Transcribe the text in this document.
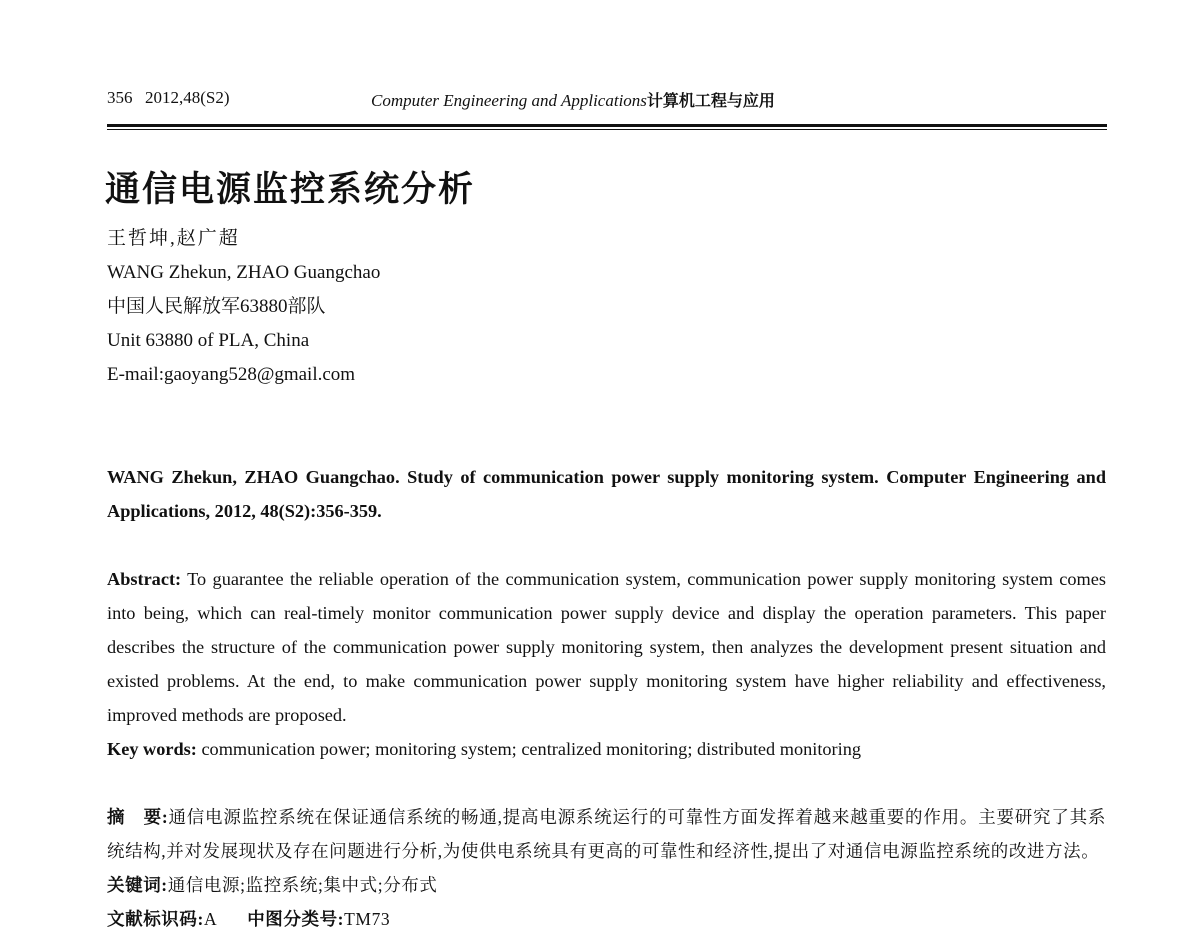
356 2012,48(S2)	Computer Engineering and Applications计算机工程与应用
通信电源监控系统分析
王哲坤,赵广超
WANG Zhekun, ZHAO Guangchao
中国人民解放军63880部队
Unit 63880 of PLA, China
E-mail:gaoyang528@gmail.com
WANG Zhekun, ZHAO Guangchao. Study of communication power supply monitoring system. Computer Engineering and Applications, 2012, 48(S2):356-359.
Abstract: To guarantee the reliable operation of the communication system, communication power supply monitoring system comes into being, which can real-timely monitor communication power supply device and display the operation parameters. This paper describes the structure of the communication power supply monitoring system, then analyzes the development present situation and existed problems. At the end, to make communication power supply monitoring system have higher reliability and effectiveness, improved methods are proposed.
Key words: communication power; monitoring system; centralized monitoring; distributed monitoring
摘　要:通信电源监控系统在保证通信系统的畅通,提高电源系统运行的可靠性方面发挥着越来越重要的作用。主要研究了其系统结构,并对发展现状及存在问题进行分析,为使供电系统具有更高的可靠性和经济性,提出了对通信电源监控系统的改进方法。
关键词:通信电源;监控系统;集中式;分布式
文献标识码:A 中图分类号:TM73
